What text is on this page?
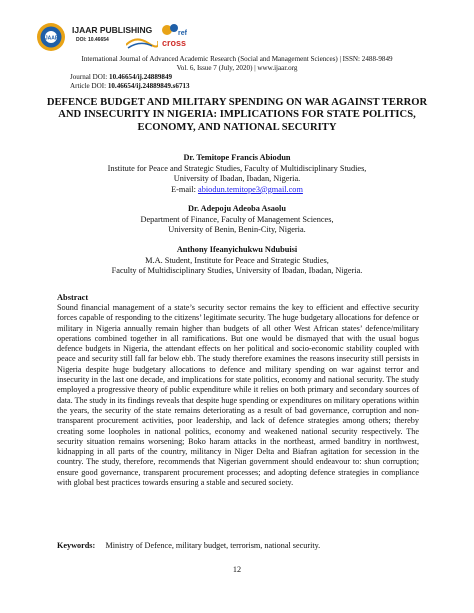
IJAAR
IJAAR PUBLISHING
DOI: 10.46654
ref
cross
International Journal of Advanced Academic Research (Social and Management Sciences) | ISSN: 2488-9849
Vol. 6, Issue 7 (July, 2020) | www.ijaar.org
Journal DOI: 10.46654/ij.24889849
Article DOI: 10.46654/ij.24889849.s6713
DEFENCE BUDGET AND MILITARY SPENDING ON WAR AGAINST TERROR AND INSECURITY IN NIGERIA: IMPLICATIONS FOR STATE POLITICS, ECONOMY, AND NATIONAL SECURITY
Dr. Temitope Francis Abiodun
Institute for Peace and Strategic Studies, Faculty of Multidisciplinary Studies,
University of Ibadan, Ibadan, Nigeria.
E-mail: abiodun.temitope3@gmail.com
Dr. Adepoju Adeoba Asaolu
Department of Finance, Faculty of Management Sciences,
University of Benin, Benin-City, Nigeria.
Anthony Ifeanyichukwu Ndubuisi
M.A. Student, Institute for Peace and Strategic Studies,
Faculty of Multidisciplinary Studies, University of Ibadan, Ibadan, Nigeria.
Abstract
Sound financial management of a state’s security sector remains the key to efficient and effective security forces capable of responding to the citizens’ legitimate security. The huge budgetary allocations for defence or military in Nigeria annually remain higher than budgets of all other West African states’ defence/military operations combined together in all ramifications. But one would be dismayed that with the usual bogus defence budgets in Nigeria, the attendant effects on her political and socio-economic stability coupled with peace and security still fall far below ebb. The study therefore examines the reasons insecurity still persists in Nigeria despite huge budgetary allocations to defence and military spending on war against terror and insecurity in the last one decade, and implications for state politics, economy and national security. The study employed a progressive theory of public expenditure while it relies on both primary and secondary sources of data. The study in its findings reveals that despite huge spending or expenditures on military operations within the years, the security of the state remains deteriorating as a result of bad governance, corruption and non-transparent procurement activities, poor leadership, and lack of defence strategies among others; thereby creating some loopholes in national politics, economy and weakened national security respectively. The security situation remains worsening; Boko haram attacks in the northeast, armed banditry in northwest, kidnapping in all parts of the country, militancy in Niger Delta and Biafran agitation for secession in the country. The study, therefore, recommends that Nigerian government should endeavour to: shun corruption; ensure good governance, transparent procurement processes; and adopting defence strategies in compliance with global best practices towards ensuring a stable and secured society.
Keywords: Ministry of Defence, military budget, terrorism, national security.
12
